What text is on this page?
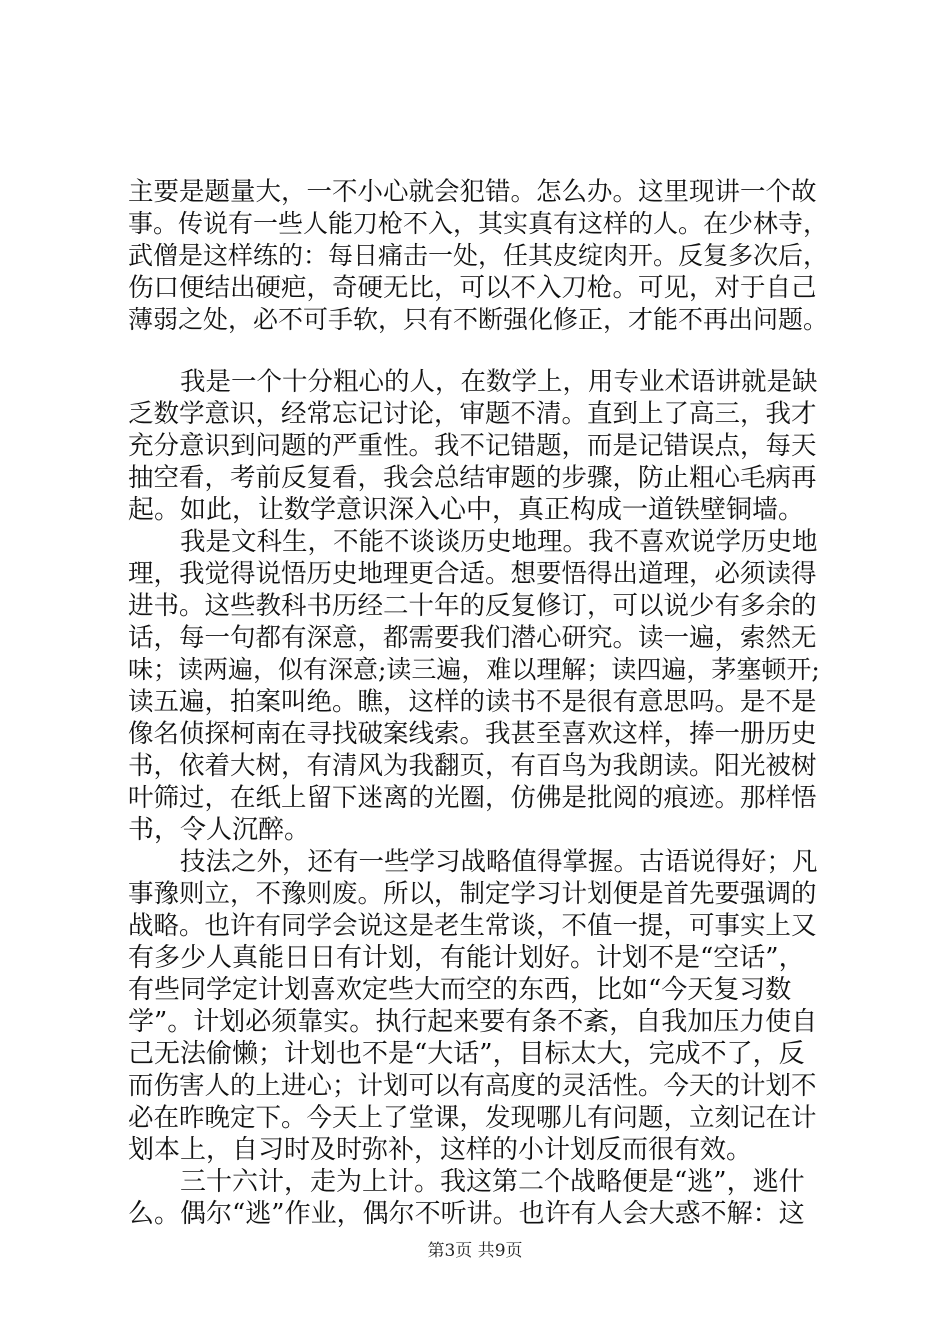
主要是题量大，一不小心就会犯错。怎么办。这里现讲一个故
事。传说有一些人能刀枪不入，其实真有这样的人。在少林寺，
武僧是这样练的：每日痛击一处，任其皮绽肉开。反复多次后，
伤口便结出硬疤，奇硬无比，可以不入刀枪。可见，对于自己
薄弱之处，必不可手软，只有不断强化修正，才能不再出问题。
我是一个十分粗心的人，在数学上，用专业术语讲就是缺
乏数学意识，经常忘记讨论，审题不清。直到上了高三，我才
充分意识到问题的严重性。我不记错题，而是记错误点，每天
抽空看，考前反复看，我会总结审题的步骤，防止粗心毛病再
起。如此，让数学意识深入心中，真正构成一道铁壁铜墙。
我是文科生，不能不谈谈历史地理。我不喜欢说学历史地
理，我觉得说悟历史地理更合适。想要悟得出道理，必须读得
进书。这些教科书历经二十年的反复修订，可以说少有多余的
话，每一句都有深意，都需要我们潜心研究。读一遍，索然无
味；读两遍，似有深意;读三遍，难以理解；读四遍，茅塞顿开;
读五遍，拍案叫绝。瞧，这样的读书不是很有意思吗。是不是
像名侦探柯南在寻找破案线索。我甚至喜欢这样，捧一册历史
书，依着大树，有清风为我翻页，有百鸟为我朗读。阳光被树
叶筛过，在纸上留下迷离的光圈，仿佛是批阅的痕迹。那样悟
书，令人沉醉。
技法之外，还有一些学习战略值得掌握。古语说得好；凡
事豫则立，不豫则废。所以，制定学习计划便是首先要强调的
战略。也许有同学会说这是老生常谈，不值一提，可事实上又
有多少人真能日日有计划，有能计划好。计划不是“空话”，
有些同学定计划喜欢定些大而空的东西，比如“今天复习数
学”。计划必须靠实。执行起来要有条不紊，自我加压力使自
己无法偷懒；计划也不是“大话”，目标太大，完成不了，反
而伤害人的上进心；计划可以有高度的灵活性。今天的计划不
必在昨晚定下。今天上了堂课，发现哪儿有问题，立刻记在计
划本上，自习时及时弥补，这样的小计划反而很有效。
三十六计，走为上计。我这第二个战略便是“逃”，逃什
么。偶尔“逃”作业，偶尔不听讲。也许有人会大惑不解：这
第3页 共9页
